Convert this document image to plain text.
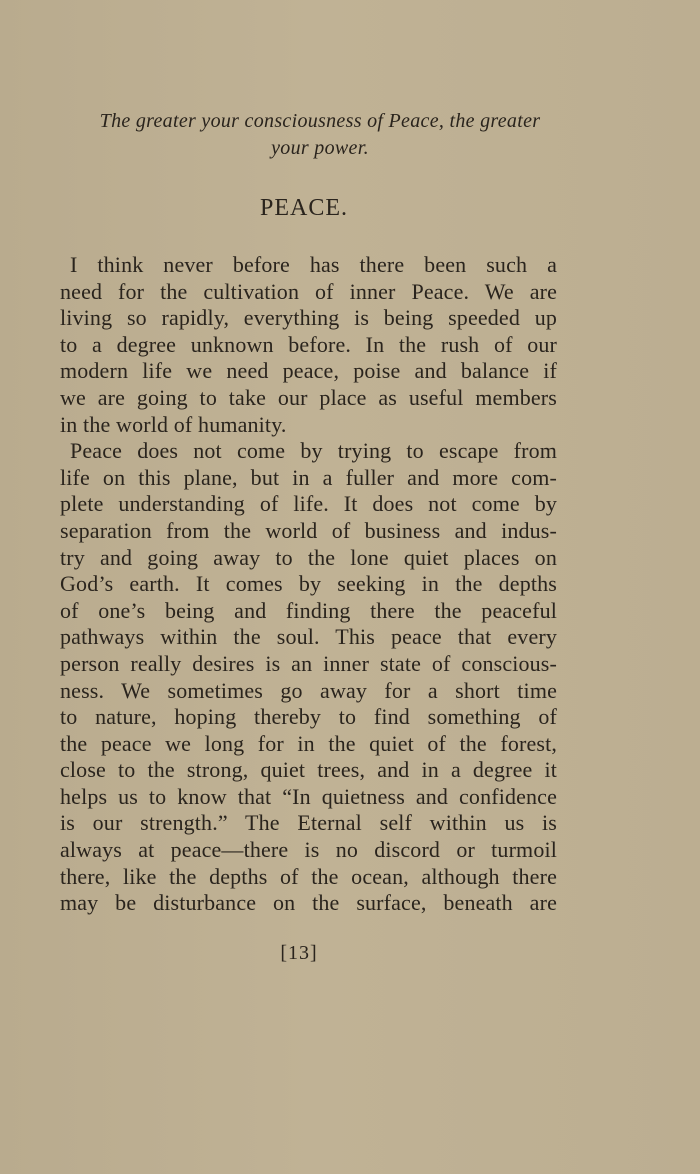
The greater your consciousness of Peace, the greater
your power.
PEACE.
I think never before has there been such a
need for the cultivation of inner Peace. We are
living so rapidly, everything is being speeded up
to a degree unknown before. In the rush of our
modern life we need peace, poise and balance if
we are going to take our place as useful members
in the world of humanity.
Peace does not come by trying to escape from
life on this plane, but in a fuller and more com-
plete understanding of life. It does not come by
separation from the world of business and indus-
try and going away to the lone quiet places on
God’s earth. It comes by seeking in the depths
of one’s being and finding there the peaceful
pathways within the soul. This peace that every
person really desires is an inner state of conscious-
ness. We sometimes go away for a short time
to nature, hoping thereby to find something of
the peace we long for in the quiet of the forest,
close to the strong, quiet trees, and in a degree it
helps us to know that “In quietness and confidence
is our strength.” The Eternal self within us is
always at peace—there is no discord or turmoil
there, like the depths of the ocean, although there
may be disturbance on the surface, beneath are
[13]
